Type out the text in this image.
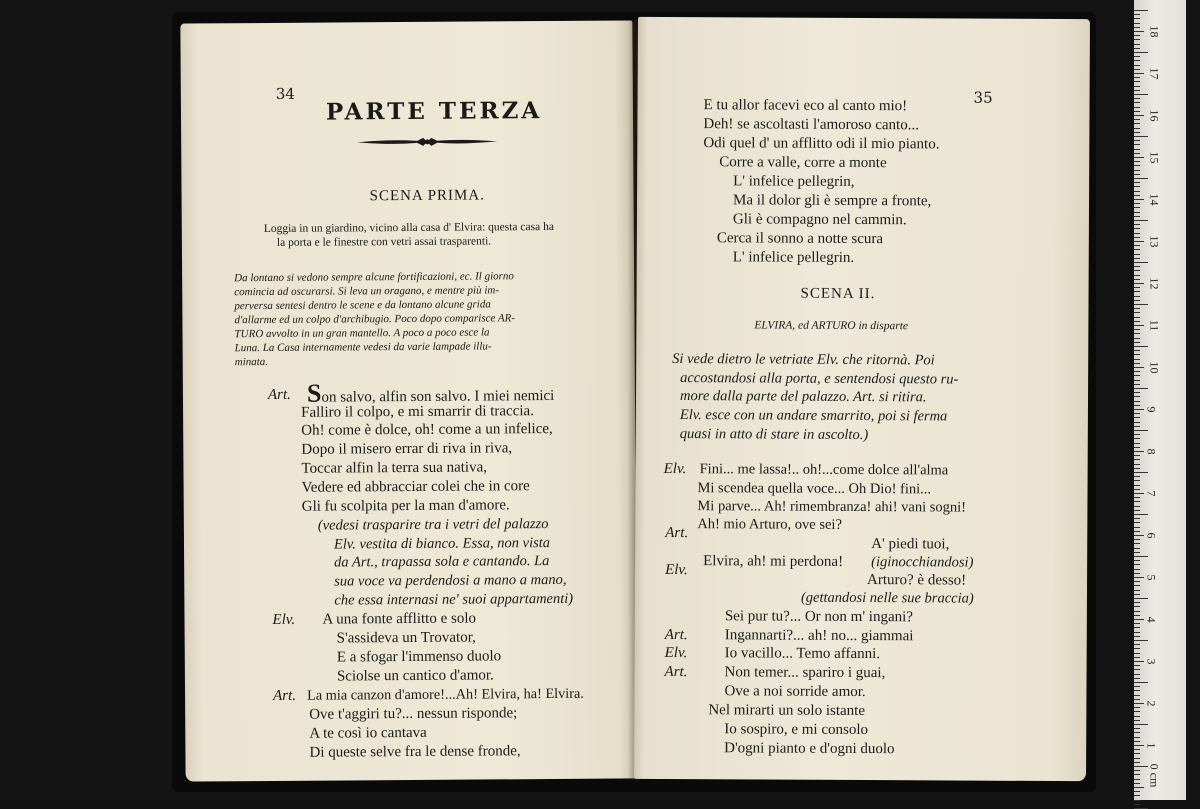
34
PARTE TERZA
SCENA PRIMA.
Loggia in un giardino, vicino alla casa d' Elvira: questa casa ha
la porta e le finestre con vetri assai trasparenti.
Da lontano si vedono sempre alcune fortificazioni, ec. Il giorno
comincia ad oscurarsi. Si leva un oragano, e mentre più im-
perversa sentesi dentro le scene e da lontano alcune grida
d'allarme ed un colpo d'archibugio. Poco dopo comparisce AR-
TURO avvolto in un gran mantello. A poco a poco esce la
Luna. La Casa internamente vedesi da varie lampade illu-
minata.
Art. Son salvo, alfin son salvo. I miei nemici
Falliro il colpo, e mi smarrir di traccia.
Oh! come è dolce, oh! come a un infelice,
Dopo il misero errar di riva in riva,
Toccar alfin la terra sua nativa,
Vedere ed abbracciar colei che in core
Gli fu scolpita per la man d'amore.
(vedesi trasparire tra i vetri del palazzo
Elv. vestita di bianco. Essa, non vista
da Art., trapassa sola e cantando. La
sua voce va perdendosi a mano a mano,
che essa internasi ne' suoi appartamenti)
Elv. A una fonte afflitto e solo
S'assideva un Trovator,
E a sfogar l'immenso duolo
Sciolse un cantico d'amor.
Art. La mia canzon d'amore!...Ah! Elvira, ha! Elvira.
Ove t'aggiri tu?... nessun risponde;
A te così io cantava
Di queste selve fra le dense fronde,
35
E tu allor facevi eco al canto mio!
Deh! se ascoltasti l'amoroso canto...
Odi quel d' un afflitto odi il mio pianto.
Corre a valle, corre a monte
L' infelice pellegrin,
Ma il dolor gli è sempre a fronte,
Gli è compagno nel cammin.
Cerca il sonno a notte scura
L' infelice pellegrin.
SCENA II.
ELVIRA, ed ARTURO in disparte
Si vede dietro le vetriate Elv. che ritornà. Poi
accostandosi alla porta, e sentendosi questo ru-
more dalla parte del palazzo. Art. si ritira.
Elv. esce con un andare smarrito, poi si ferma
quasi in atto di stare in ascolto.)
Elv. Fini... me lassa!.. oh!...come dolce all'alma
Mi scendea quella voce... Oh Dio! fini...
Mi parve... Ah! rimembranza! ahi! vani sogni!
Ah! mio Arturo, ove sei?
Art.
A' piedi tuoi,
Elvira, ah! mi perdona! (iginocchiandosi)
Elv.
Arturo? è desso!
(gettandosi nelle sue braccia)
Sei pur tu?... Or non m' ingani?
Art. Ingannarti?... ah! no... giammai
Elv. Io vacillo... Temo affanni.
Art. Non temer... spariro i guai,
Ove a noi sorride amor.
Nel mirarti un solo istante
Io sospiro, e mi consolo
D'ogni pianto e d'ogni duolo
18
17
16
15
14
13
12
11
10
9
8
7
6
5
4
3
2
1
0 cm
